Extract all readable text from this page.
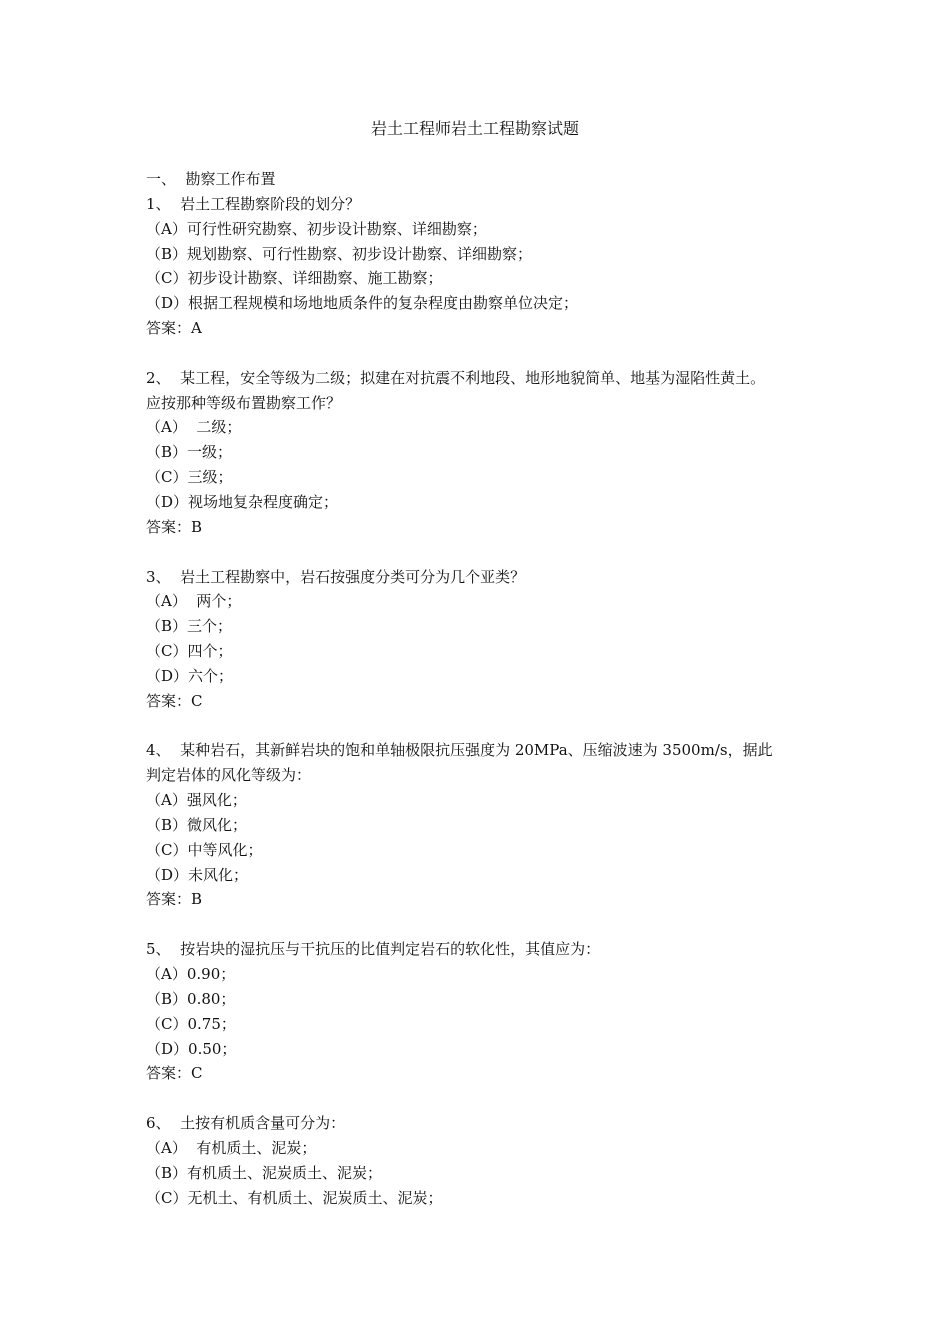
岩土工程师岩土工程勘察试题
一、  勘察工作布置
1、  岩土工程勘察阶段的划分？
（A）可行性研究勘察、初步设计勘察、详细勘察；
（B）规划勘察、可行性勘察、初步设计勘察、详细勘察；
（C）初步设计勘察、详细勘察、施工勘察；
（D）根据工程规模和场地地质条件的复杂程度由勘察单位决定；
答案：A
2、  某工程，安全等级为二级；拟建在对抗震不利地段、地形地貌简单、地基为湿陷性黄土。
应按那种等级布置勘察工作？
（A）  二级；
（B）一级；
（C）三级；
（D）视场地复杂程度确定；
答案：B
3、  岩土工程勘察中，岩石按强度分类可分为几个亚类？
（A）  两个；
（B）三个；
（C）四个；
（D）六个；
答案：C
4、  某种岩石，其新鲜岩块的饱和单轴极限抗压强度为 20MPa、压缩波速为 3500m/s，据此
判定岩体的风化等级为：
（A）强风化；
（B）微风化；
（C）中等风化；
（D）未风化；
答案：B
5、  按岩块的湿抗压与干抗压的比值判定岩石的软化性，其值应为：
（A）0.90；
（B）0.80；
（C）0.75；
（D）0.50；
答案：C
6、  土按有机质含量可分为：
（A）  有机质土、泥炭；
（B）有机质土、泥炭质土、泥炭；
（C）无机土、有机质土、泥炭质土、泥炭；
